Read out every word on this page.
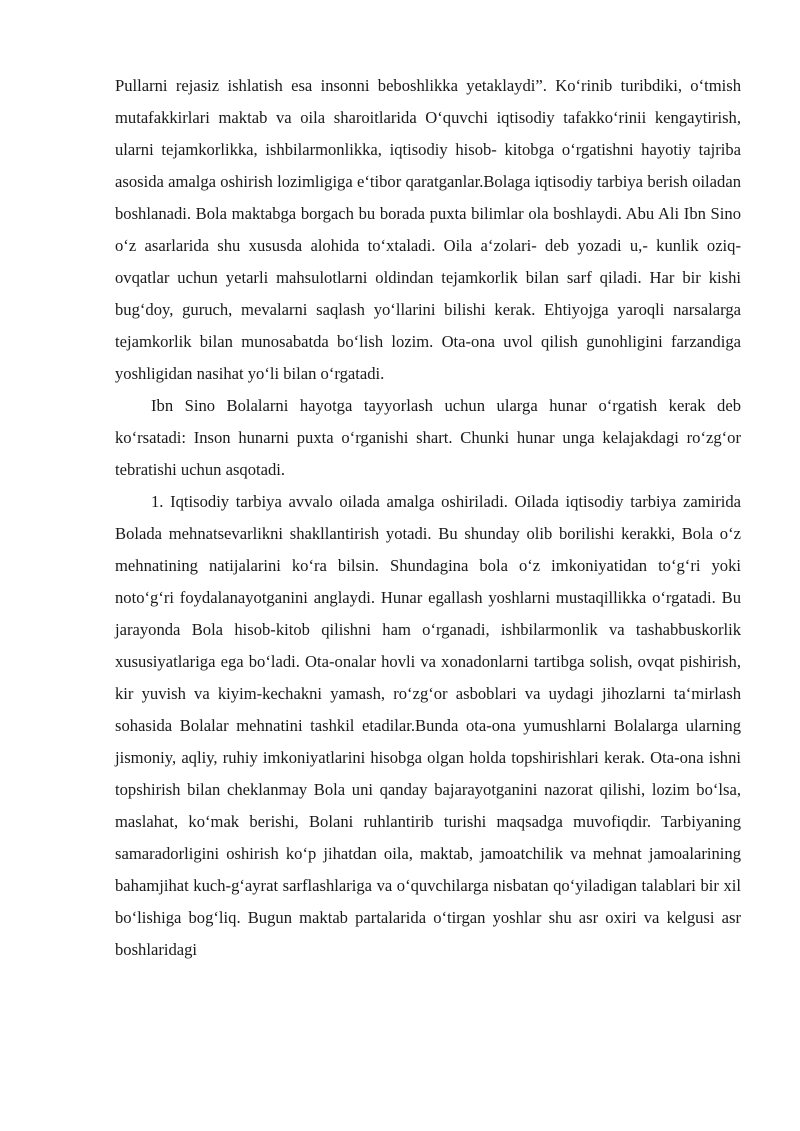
Pullarni rejasiz ishlatish esa insonni beboshlikka yetaklaydi”. Koʻrinib turibdiki, oʻtmish mutafakkirlari maktab va oila sharoitlarida Oʻquvchi iqtisodiy tafakkoʻrinii kengaytirish, ularni tejamkorlikka, ishbilarmonlikka, iqtisodiy hisob- kitobga oʻrgatishni hayotiy tajriba asosida amalga oshirish lozimligiga eʻtibor qaratganlar.Bolaga iqtisodiy tarbiya berish oiladan boshlanadi. Bola maktabga borgach bu borada puxta bilimlar ola boshlaydi. Abu Ali Ibn Sino oʻz asarlarida shu xususda alohida toʻxtaladi. Oila aʻzolari- deb yozadi u,- kunlik oziq-ovqatlar uchun yetarli mahsulotlarni oldindan tejamkorlik bilan sarf qiladi. Har bir kishi bugʻdoy, guruch, mevalarni saqlash yoʻllarini bilishi kerak. Ehtiyojga yaroqli narsalarga tejamkorlik bilan munosabatda boʻlish lozim. Ota-ona uvol qilish gunohligini farzandiga yoshligidan nasihat yoʻli bilan oʻrgatadi.

Ibn Sino Bolalarni hayotga tayyorlash uchun ularga hunar oʻrgatish kerak deb koʻrsatadi: Inson hunarni puxta oʻrganishi shart. Chunki hunar unga kelajakdagi roʻzgʻor tebratishi uchun asqotadi.

1. Iqtisodiy tarbiya avvalo oilada amalga oshiriladi. Oilada iqtisodiy tarbiya zamirida Bolada mehnatsevarlikni shakllantirish yotadi. Bu shunday olib borilishi kerakki, Bola oʻz mehnatining natijalarini koʻra bilsin. Shundagina bola oʻz imkoniyatidan toʻgʻri yoki notoʻgʻri foydalanayotganini anglaydi. Hunar egallash yoshlarni mustaqillikka oʻrgatadi. Bu jarayonda Bola hisob-kitob qilishni ham oʻrganadi, ishbilarmonlik va tashabbuskorlik xususiyatlariga ega boʻladi. Ota-onalar hovli va xonadonlarni tartibga solish, ovqat pishirish, kir yuvish va kiyim-kechakni yamash, roʻzgʻor asboblari va uydagi jihozlarni taʻmirlash sohasida Bolalar mehnatini tashkil etadilar.Bunda ota-ona yumushlarni Bolalarga ularning jismoniy, aqliy, ruhiy imkoniyatlarini hisobga olgan holda topshirishlari kerak. Ota-ona ishni topshirish bilan cheklanmay Bola uni qanday bajarayotganini nazorat qilishi, lozim boʻlsa, maslahat, koʻmak berishi, Bolani ruhlantirib turishi maqsadga muvofiqdir. Tarbiyaning samaradorligini oshirish koʻp jihatdan oila, maktab, jamoatchilik va mehnat jamoalarining bahamjihat kuch-gʻayrat sarflashlariga va oʻquvchilarga nisbatan qoʻyiladigan talablari bir xil boʻlishiga bogʻliq. Bugun maktab partalarida oʻtirgan yoshlar shu asr oxiri va kelgusi asr boshlaridagi
